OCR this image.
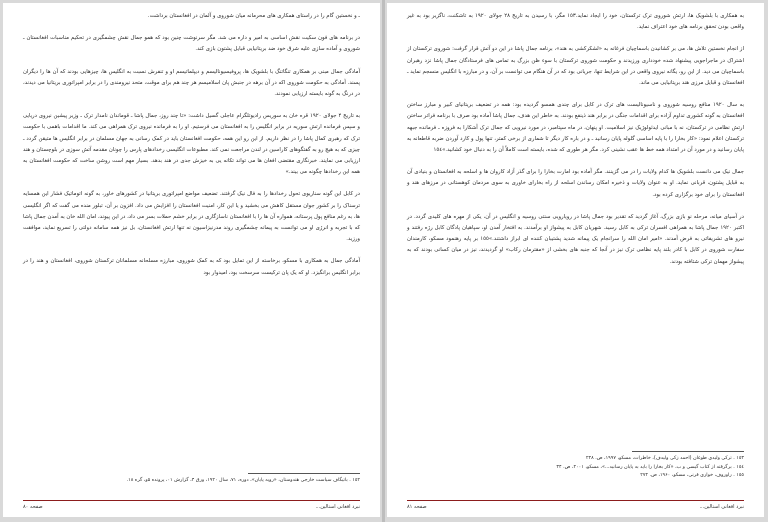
ـ و نخستین گام را در راستای همکاری های محرمانه میان شوروی و آلمان در افغانستان برداشت.

در برنامه های فون سکیت نقش اساسی به امیر و داره می شد. مگر سرنوشت چنین بود که همو جمال نقش چشمگیری در تحکیم مناسبات افغانستان ـ شوروی و آماده سازی علیه شرق خود ضد بریتانیایی قبایل پشتون بازی کند.

آمادگی جمال مبنی بر همکاری تنگاتنگ با بلشویک ها، پروفیسیونالیسم و دیپلماتیسم او و تنفرش نسبت به انگلیس ها، چیزهایی بودند که آن ها را دیگران پسند. آمادگی به حکومت شوروی اکه در آن برهه در جنبش پان اسلامیسم هر چند هم برای موقت، متحد نیرومندی را در برابر امپراتوری بریتانیا می دیدند، در درنگ به گونه بایسته ارزیابی نمودند.

به تاریخ ۴ جولای ۱۹۲۰ قره خان به سوریس رادیوتلگرام عاجلی گسیل داشت: «تا چند روز، جمال پاشا ـ قوماندان نامدار ترک ـ وزیر پیشین نیروی دریایی و سپس فرمانده ارتش سوریه در برابر انگلیس را به افغانستان می فرستیم. او را به فرمانده نیروی ترک همراهی می کند. ما اقدامات باهمی با حکومت ترک که رهبری کمال پاشا را در نظر داریم. از این رو این همه، حکومت افغانستان باید در کمک رسانی به جهان مسلمان در برابر انگلیس ها متیقن گردد ـ چیزی که به هیچ رو به گفتگوهای کاراسین در لندن مراجعت نمی کند. مطبوعات انگلیسی رخدادهای پارس را چونان مقدمه آتش سوزی در بلوچستان و هند ارزیابی می نمایند. خبرنگاری مقتضی افغان ها می تواند تکانه یی به خیزش جدی در هند بدهد. بسیار مهم است روشن ساخت که حکومت افغانستان به همه این رخدادها چگونه می بیند.»

در کابل این گونه سناریوی تحول رخدادها را به فال نیک گرفتند. تضعیف مواضع امپراتوری بریتانیا در کشورهای خاور، به گونه اتوماتیک فشار این همسایه ترسناک را بر کشور جوان مستقل کاهش می بخشید و یا این کار، امنیت افغانستان را افزایش می داد. افزون بر آن، تبلور منده می گفت که اگر انگلیسی ها، به رغم منافع پول پرستانه، همواره آن ها را با افغانستان ناسازگاری در برابر خشم حملات بسر می داد، در این پیوند، امان الله خان به آمدن جمال پاشا که با تجربه و انرژی او می توانست به پیمانه چشمگیری روند مدرنیزاسیون نه تنها ارتش افغانستان، بل نیز همه سامانه دولتی را تسریع نماید، موافقت ورزید.

آمادگی جمال به همکاری با مسکو، برخاسته از این تمایل بود که به کمک شوروی، مبارزه مسلحانه مسلمانان ترکستان شوروی، افغانستان و هند را در برابر انگلیس برانگیزد. او که یک پان ترکیست سرسخت بود، امیدوار بود

١٥٢ . باتیگاف سیاست خارجی هندوستان، «رویه پایان»، دوره، ۷۱، سال ۱۹۲۰، ورق ۴، گزارش ۰۱، پرونده ۵و، گره ۱۸.
نبرد افغانی استالین...
صفحه ۸۰

به همکاری با بلشویک ها، ارتش شوروی ترک ترکستان، خود را ایجاد نماید.١٥٣ مگر، با رسیدن به تاریخ ۲۸ جولای ۱۹۲۰ به تاشکنت، ناگزیر بود به غیر واقعی بودن تحقق برنامه های خود اعتراف نماید.

از انجام نخستین تلاش ها، می بر کشانیدن باسماچیان فرغانه به «لشکرکشی به هند»، برنامه جمال پاشا در این دو آتش قرار گرفت: شوروی ترکستان از اشتراک در ماجراجویی پیشنهاد شده خودداری ورزیدند و حکومت شوروی ترکستان با سوء ظن بزرگ به تماس های فرستادگان جمال پاشا نزد رهبران باسماچیان می دید. از این رو، یگانه نیروی واقعی در این شرایط تنها، جریانی بود که در آن هنگام می توانست بر آن، و در مبارزه با انگلیس منسجم نماید ـ افغانستان و قبایل مرزی هند بریتانیایی می ماند.

به سال ۱۹۲۰ منافع روسیه شوروی و ناسیونالیست های ترک در کابل برای چندی همسو گردیده بود: همه در تضعیف بریتانیای کبیر و مبارز ساختن افغانستان به گونه کشوری تداوم آزاده برای اقدامات جنگی در برابر هند ذینفع بودند. به خاطر این هدف، جمال پاشا آماده بود صرف با برنامه فراتر ساختن ارتش نظامی در ترکستان، نه با مبانی ایدئولوژیک نیز اسلامیت. او پنهان، در ماه سپتامبر، در مورد نیرویی که جمال ترک آشکارا به فروزه ـ فرمانده جبهه ترکستان اعلام نمود: «کار بخارا را با پایه اساسی گلوله پایان رسانید ـ و در باره کار دیگر تا شماری از برخی کمتر، تنها پول و کارد آوردن ضربه قاطعانه به پایان رسانید و در مورد آن در امتداد همه خط ها عقب نشینی کرد. مگر هر طوری که شده، بایسته است کاملاً آن را به دنبال خود کشانید.»١٥٤

جمال نیک می دانست بلشویک ها کدام ولایات را در می گزینند. مگر آماده بود امارت بخارا را برای گذر آزاد کاروان ها و اسلحه به افغانستان و بنیادی آن به قبایل پشتون، قربانی نماید. او به عنوان ولایات و ذخیره امکان رساندن اسلحه از راه بخارای خاوری به سوی مردمان کوهستانی در مرزهای هند و افغانستان را برای خود برگزاری کرده بود.

در آسیای میانه، مرحله نو بازی بزرگ، آغاز گردید که تقدیر بود جمال پاشا در رویارویی سنتی روسیه و انگلیس در آن، یکی از مهره های کلیدی گردد. در اکتبر ۱۹۲۰ جمال پاشا به همراهی افسران ترکی به کابل رسید. شهریان کابل به پیشواز او برآمدند. به افتخار آمدن او، سپاهیان پادگان کابل رژه رفتند و نیرو های تشریفاتی به فرض آمدند. «امیر امان الله را سرانجام یک پیمانه شدید پشتیبان کننده ای ابراز داشتند.»١٥٥ بر پایه رهنمود مسکو، کارمندان سفارت شوروی در کابل با کادر بلند پایه نظامی ترک نیز در آنجا که جنبه های بخشی از «مقترمان رکاب» او گردیدند، نیز در میان کسانی بودند که به پیشواز مهمان ترکی شتافته بودند.

١٥٣ . ترکی ولیدی طوغان (احمد زکی ولیدف)، خاطرات، مسکو، ۱۹۹۷، ص. ۲۴۸
١٥٤ . برگرفته از کتاب گیسی و ب، «کار بخارا را باید به پایان رسانید...»، مسکو، ۲۰۰۱، ص. ۳۴
١٥٥ . راوروف، خواری فرنی، مسکو، ۱۹۶۰، ص. ۲۷۴
نبرد افغانی استالین...
صفحه ۸۱
